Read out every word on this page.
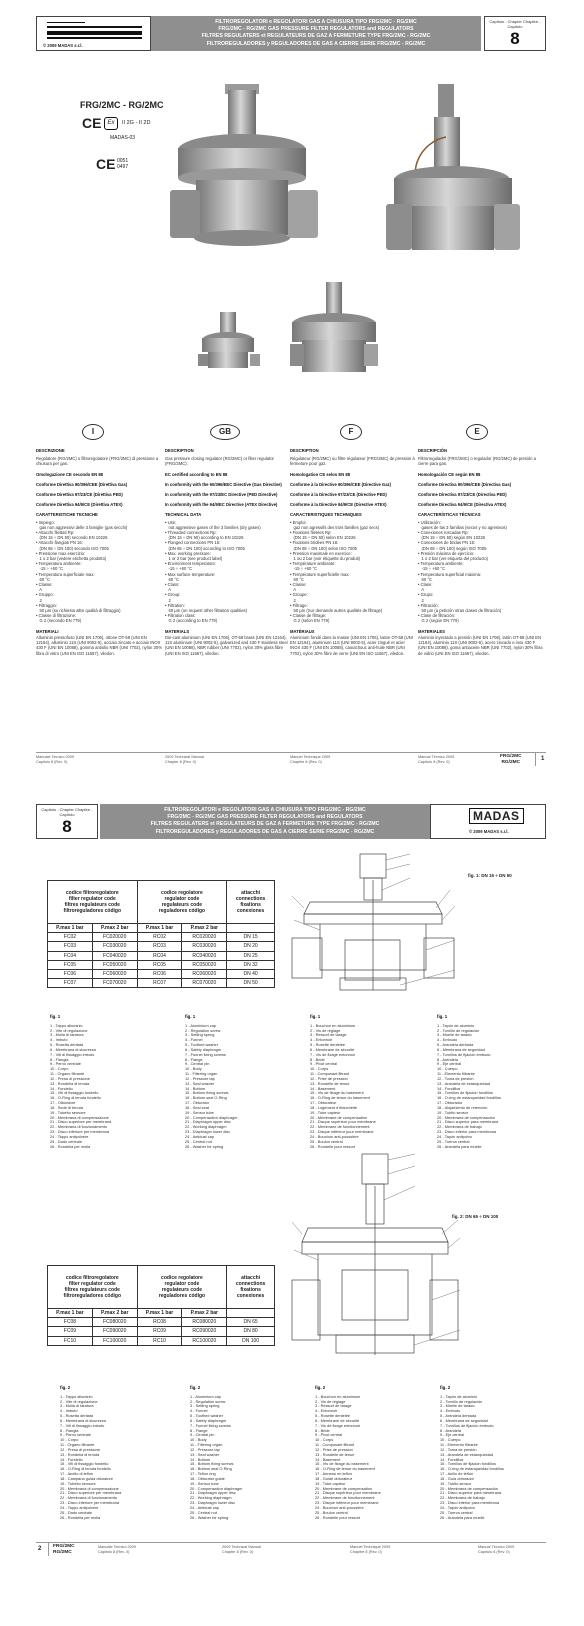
© 2009 MADAS s.r.l.
FILTROREGOLATORI e REGOLATORI GAS A CHIUSURA TIPO FRG/2MC - RG/2MC
FRG/2MC - RG/2MC GAS PRESSURE FILTER REGULATORS and REGULATORS
FILTRES REGULATERS et REGULATEURS DE GAZ A FERMETURE TYPE FRG/2MC - RG/2MC
FILTROREGULADORES y REGULADORES DE GAS A CIERRE SERIE FRG/2MC - RG/2MC
Capitolo - Chapter Chapitre - Capítulo
8
FRG/2MC - RG/2MC
CE	Ex	II 2G - II 2D
MADAS-03
CE 0051 0497
I	GB	F	E
DESCRIZIONE
Regolatore (RG/2MC) o filtroregolatore (FRG/2MC) di pressione a chiusura per gas.
Omologazione CE secondo EN 88
Conforme Direttiva 90/396/CEE (Direttiva Gas)
Conforme Direttiva 97/23/CE (Direttiva PED)
Conforme Direttiva 94/9/CE (Direttiva ATEX)
CARATTERISTICHE TECNICHE
• Impiego:
gas non aggressivi delle 3 famiglie (gas secchi)
• Attacchi filettati Rp:
(DN 15 ÷ DN 50) secondo EN 10226
• Attacchi flangiati PN 16:
(DN 65 ÷ DN 100) secondo ISO 7005
• Pressione max esercizio:
1 o 2 bar (vedere etichetta prodotto)
• Temperatura ambiente:
-15 ÷ +60 °C
• Temperatura superficiale max:
60 °C
• Classe:
A
• Gruppo:
2
• Filtraggio:
50 µm (su richiesta altre qualità di filtraggio)
• Classe di filtrazione:
G 2 (secondo EN 779)
MATERIALI
Alluminio pressofuso (UNI EN 1706), ottone OT-58 (UNI EN 12164), alluminio 11S (UNI 9002-5), acciaio zincato e acciaio INOX 430 F (UNI EN 10088), gomma antiolio NBR (UNI 7702), nylon 30% fibra di vetro (UNI EN ISO 11667), viledon.
DESCRIPTION
Gas pressure closing regulator (RG/2MC) or filter regulator (FRG/2MC).
EC certified according to EN 88
In conformity with the 90/396/EEC Directive (Gas Directive)
In conformity with the 97/23/EC Directive (PED Directive)
In conformity with the 94/9/EC Directive (ATEX Directive)
TECHNICAL DATA
• Use:
not aggressive gases of the 3 families (dry gases)
• Threaded connections Rp:
(DN 15 ÷ DN 50) according to EN 10226
• Flanged connections PN 16:
(DN 65 ÷ DN 100) according to ISO 7005
• Max. working pressure:
1 or 2 bar (see product label)
• Environment temperature:
-15 ÷ +60 °C
• Max surface temperature:
60 °C
• Class:
A
• Group:
2
• Filtration:
50 µm (on request other filtration qualities)
• Filtration class:
G 2 (according to EN 779)
MATERIALS
Die-cast aluminium (UNI EN 1706), OT-58 brass (UNI EN 12164), 11S aluminium (UNI 9002-5), galvanized and 430 F stainless steel (UNI EN 10088), NBR rubber (UNI 7702), nylon 30% glass fibre (UNI EN ISO 11667), viledon.
DESCRIPTION
Régulateur (RG/2MC) ou filtre régulateur (FRG/2MC) de pression à fermeture pour gaz.
Homologation CE selon EN 88
Conforme à la Directive 90/396/CEE (Directive Gaz)
Conforme à la Directive 97/23/CE (Directive PED)
Conforme à la Directive 94/9/CE (Directive ATEX)
CARACTERISTIQUES TECHNIQUES
• Emploi:
gaz non agressifs des trois familles (gaz secs)
• Fixations filetées Rp:
(DN 15 ÷ DN 50) selon EN 10226
• Fixations bridées PN 16:
(DN 65 ÷ DN 100) selon ISO 7005
• Pression maximale en exercice:
1 ou 2 bar (voir étiquette du produit)
• Température ambiante:
-15 ÷ +60 °C
• Température superficielle max:
60 °C
• Classe:
A
• Groupe:
2
• Filtrage:
50 µm (Sur demande autres qualités de filtrage)
• Classe de filtrage:
G 2 (selon EN 779)
MATÉRIAUX
Aluminium fondé dans la masse (UNI EN 1706), laiton OT-58 (UNI EN 12164), aluminium 11S (UNI 9002-5), acier zingué et acier INOX 430 F (UNI EN 10088), caoutchouc anti-huile NBR (UNI 7702), nylon 30% fibre de verre (UNI EN ISO 11667), viledon.
DESCRIPCIÓN
Filtrorregulador (FRG/2MC) o regulador (RG/2MC) de presión a cierre para gas.
Homologación CE según EN 88
Conforme Directiva 90/396/CEE (Directiva Gas)
Conforme Directiva 97/23/CE (Directiva PED)
Conforme Directiva 94/9/CE (Directiva ATEX)
CARACTERÍSTICAS TÉCNICAS
• Utilización:
gases de las 3 familias (secos y no agresivos)
• Conexiones roscadas Rp:
(DN 15 ÷ DN 50) según EN 10226
• Conexiones de bridas PN 16:
(DN 65 ÷ DN 100) según ISO 7005
• Presión máxima de ejercicio:
1 o 2 bar (ver etiqueta del producto)
• Temperatura ambiente:
-15 ÷ +60 °C
• Temperatura superficial máxima:
60 °C
• Clase:
A
• Grupo:
2
• Filtración:
50 µm (a petición otras clases de filtración)
• Clase de filtración:
G 2 (según EN 779)
MATERIALES
Aluminio inyectado a presión (UNI EN 1706), latón OT-58 (UNI EN 12164), aluminio 11S (UNI 9002-5), acero zincado e inox 430 F (UNI EN 10088), goma antiaceite NBR (UNI 7702), nylon 30% fibra de vidrio (UNI EN ISO 11667), viledon.
Manuale Tecnico 2009
Capitolo 8 (Rev. 0)
2009 Technical Manual
Chapter 8 (Rev. 0)
Manuel Technique 2009
Chapitre 8 (Rev. 0)
Manual Técnico 2009
Capítulo 8 (Rev. 0)
FRG/2MC
RG/2MC	1
Capitolo - Chapter Chapitre - Capítulo
8
FILTROREGOLATORI e REGOLATORI GAS A CHIUSURA TIPO FRG/2MC - RG/2MC
FRG/2MC - RG/2MC GAS PRESSURE FILTER REGULATORS and REGULATORS
FILTRES REGULATERS et REGULATEURS DE GAZ A FERMETURE TYPE FRG/2MC - RG/2MC
FILTROREGULADORES y REGULADORES DE GAS A CIERRE SERIE FRG/2MC - RG/2MC
MADAS
© 2009 MADAS s.r.l.
codice filtroregolatore
filter regulator code
filtres regulateurs code
filtroreguladores código		codice regolatore
regulator code
regulateurs code
reguladores código		attacchi
connections
fixations
conexiones
P.max 1 bar	P.max 2 bar	P.max 1 bar	P.max 2 bar	
FC02	FC020020	RC02	RC020020	DN 15
FC03	FC030020	RC03	RC030020	DN 20
FC04	FC040020	RC04	RC040020	DN 25
FC05	FC050020	RC05	RC050020	DN 32
FC06	FC060020	RC06	RC060020	DN 40
FC07	FC070020	RC07	RC070020	DN 50
fig. 1: DN 15 ÷ DN 50
fig. 1
1 - Tappo alluminio
2 - Vite di regolazione
3 - Molla di taratura
4 - Imbuto
5 - Rosetta dentata
6 - Membrana di sicurezza
7 - Viti di fissaggio imbuto
8 - Flangia
9 - Perno centrale
10 - Corpo
11 - Organo filtrante
12 - Presa di pressione
13 - Rondella di tenuta
14 - Fondello
15 - Viti di fissaggio fondello
16 - O-Ring di tenuta fondello
17 - Otturatore
18 - Sede di tenuta
19 - Tubetto sensore
20 - Membrana di compensazione
21 - Disco superiore per membrana
22 - Membrana di funzionamento
23 - Disco inferiore per membrana
24 - Tappo antipolvere
25 - Dado centrale
26 - Rondella per molla
fig. 1
1 - Aluminium cap
2 - Regulation screw
3 - Setting spring
4 - Funnel
5 - Toothed washer
6 - Safety diaphragm
7 - Funnel fixing screws
8 - Flange
9 - Central pin
10 - Body
11 - Filtering organ
12 - Pressure tap
13 - Seal washer
14 - Bottom
15 - Bottom fixing screws
16 - Bottom seal O-Ring
17 - Obturator
18 - Seal seat
19 - Sensor tube
20 - Compensation diaphragm
21 - Diaphragm upper disc
22 - Working diaphragm
23 - Diaphragm lower disc
24 - Antidust cap
25 - Central nut
26 - Washer for spring
fig. 1
1 - Bouchon en aluminium
2 - Vis de réglage
3 - Ressort de tarage
4 - Entonnoir
5 - Rosette dentelée
6 - Membrane de sécurité
7 - Vis de fixage entonnoir
8 - Bride
9 - Pivot central
10 - Corps
11 - Composant filtrant
12 - Prise de pression
13 - Rondelle de tenue
14 - Basement
15 - Vis de fixage du basement
16 - O-Ring de tenue du basement
17 - Obturateur
18 - Logement d'étanchéité
19 - Tube capteur
20 - Membrane de compensation
21 - Disque supérieur pour membrane
22 - Membrane de fonctionnement
23 - Disque inférieur pour membrane
24 - Bouchon anti-poussière
25 - Boulon central
26 - Rondelle pour ressort
fig. 1
1 - Tapón de aluminio
2 - Tornillo de regulación
3 - Muelle de tarado
4 - Embudo
5 - Arandela dentada
6 - Membrana de seguridad
7 - Tornillos de fijación embudo
8 - Arandela
9 - Eje central
10 - Cuerpo
11 - Elemento filtrante
12 - Toma de presión
13 - Arandela de estanqueidad
14 - Fondillos
15 - Tornillos de fijación fondillos
16 - O-ring de estanqueidad fondillos
17 - Obturador
18 - Alojamiento de retención
19 - Tubito sensor
20 - Membrana de compensación
21 - Disco superior para membrana
22 - Membrana de trabajo
23 - Disco inferior para membrana
24 - Tapón antipolvo
25 - Tuerca central
26 - Arandela para muelle
fig. 2: DN 65 ÷ DN 100
codice filtroregolatore
filter regulator code
filtres regulateurs code
filtroreguladores código		codice regolatore
regulator code
regulateurs code
reguladores código		attacchi
connections
fixations
conexiones
P.max 1 bar	P.max 2 bar	P.max 1 bar	P.max 2 bar	
FC08	FC080020	RC08	RC080020	DN 65
FC09	FC090020	RC09	RC090020	DN 80
FC10	FC100020	RC10	RC100020	DN 100
fig. 2
1 - Tappo alluminio
2 - Vite di regolazione
3 - Molla di taratura
4 - Imbuto
5 - Rosetta dentata
6 - Membrana di sicurezza
7 - Viti di fissaggio imbuto
8 - Flangia
9 - Perno centrale
10 - Corpo
11 - Organo filtrante
12 - Presa di pressione
13 - Rondella di tenuta
14 - Fondello
15 - Viti di fissaggio fondello
16 - O-Ring di tenuta fondello
17 - Anello di teflon
18 - Campana guida otturatore
19 - Tubetto sensore
20 - Membrana di compensazione
21 - Disco superiore per membrana
22 - Membrana di funzionamento
23 - Disco inferiore per membrana
24 - Tappo antipolvere
25 - Dado centrale
26 - Rondella per molla
fig. 2
1 - Aluminium cap
2 - Regulation screw
3 - Setting spring
4 - Funnel
5 - Toothed washer
6 - Safety diaphragm
7 - Funnel fixing screws
8 - Flange
9 - Central pin
10 - Body
11 - Filtering organ
12 - Pressure tap
13 - Seal washer
14 - Bottom
15 - Bottom fixing screws
16 - Bottom seal O-Ring
17 - Teflon ring
18 - Obturator guide
19 - Sensor tube
20 - Compensation diaphragm
21 - Diaphragm upper disc
22 - Working diaphragm
23 - Diaphragm lower disc
24 - Antidust cap
25 - Central nut
26 - Washer for spring
fig. 2
1 - Bouchon en aluminium
2 - Vis de réglage
3 - Ressort de tarage
4 - Entonnoir
5 - Rosette dentelée
6 - Membrane de sécurité
7 - Vis de fixage entonnoir
8 - Bride
9 - Pivot central
10 - Corps
11 - Composant filtrant
12 - Prise de pression
13 - Rondelle de tenue
14 - Basement
15 - Vis de fixage du basement
16 - O-Ring de tenue du basement
17 - Anneau en teflon
18 - Guide obturateur
19 - Tube capteur
20 - Membrane de compensation
21 - Disque supérieur pour membrane
22 - Membrane de fonctionnement
23 - Disque inférieur pour membrane
24 - Bouchon anti-poussière
25 - Boulon central
26 - Rondelle pour ressort
fig. 2
1 - Tapón de aluminio
2 - Tornillo de regulación
3 - Muelle de tarado
4 - Embudo
5 - Arandela dentada
6 - Membrana de seguridad
7 - Tornillos de fijación embudo
8 - Arandela
9 - Eje central
10 - Cuerpo
11 - Elemento filtrante
12 - Toma de presión
13 - Arandela de estanqueidad
14 - Fondillos
15 - Tornillos de fijación fondillos
16 - O-ring de estanqueidad fondillos
17 - Anillo de teflon
18 - Guía obturador
19 - Tubito sensor
20 - Membrana de compensación
21 - Disco superior para membrana
22 - Membrana de trabajo
23 - Disco inferior para membrana
24 - Tapón antipolvo
25 - Tuerca central
26 - Arandela para muelle
2 FRG/2MC
RG/2MC
Manuale Tecnico 2009
Capitolo 8 (Rev. 0)
2009 Technical Manual
Chapter 8 (Rev. 0)
Manuel Technique 2009
Chapitre 8 (Rev. 0)
Manual Técnico 2009
Capítulo 8 (Rev. 0)
